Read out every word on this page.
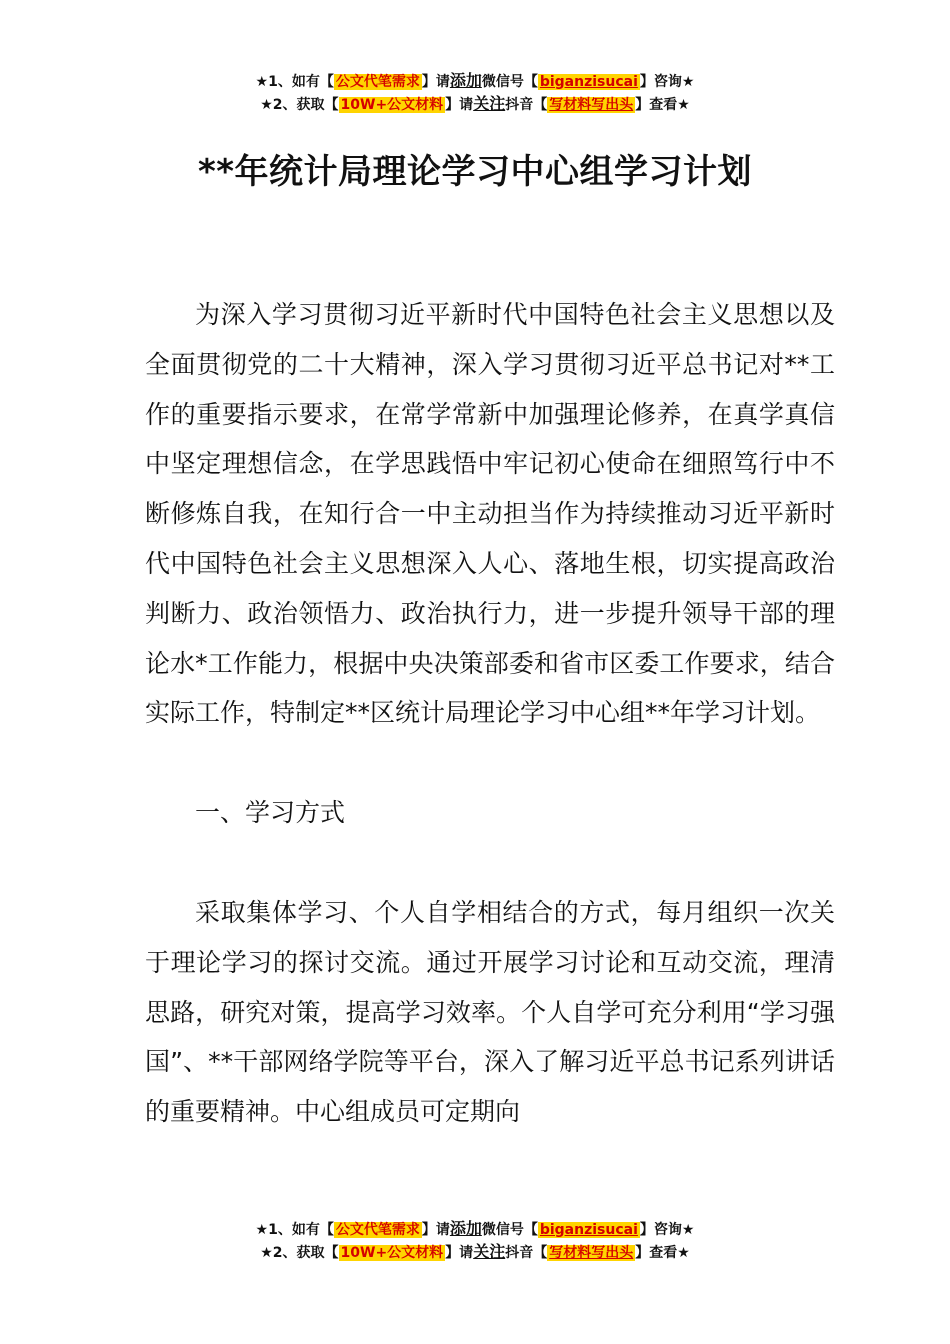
★1、如有【 公文代笔需求 】请添加微信号【 biganzisucai 】咨询★
★2、获取【 10W+公文材料 】请关注抖音【 写材料写出头 】查看★
**年统计局理论学习中心组学习计划

为深入学习贯彻习近平新时代中国特色社会主义思想以及全面贯彻党的二十大精神，深入学习贯彻习近平总书记对**工作的重要指示要求，在常学常新中加强理论修养，在真学真信中坚定理想信念，在学思践悟中牢记初心使命在细照笃行中不断修炼自我，在知行合一中主动担当作为持续推动习近平新时代中国特色社会主义思想深入人心、落地生根，切实提高政治判断力、政治领悟力、政治执行力，进一步提升领导干部的理论水*工作能力，根据中央决策部委和省市区委工作要求，结合实际工作，特制定**区统计局理论学习中心组**年学习计划。

一、学习方式

采取集体学习、个人自学相结合的方式，每月组织一次关于理论学习的探讨交流。通过开展学习讨论和互动交流，理清思路，研究对策，提高学习效率。个人自学可充分利用“学习强国”、**干部网络学院等平台，深入了解习近平总书记系列讲话的重要精神。中心组成员可定期向

★1、如有【 公文代笔需求 】请添加微信号【 biganzisucai 】咨询★
★2、获取【 10W+公文材料 】请关注抖音【 写材料写出头 】查看★
